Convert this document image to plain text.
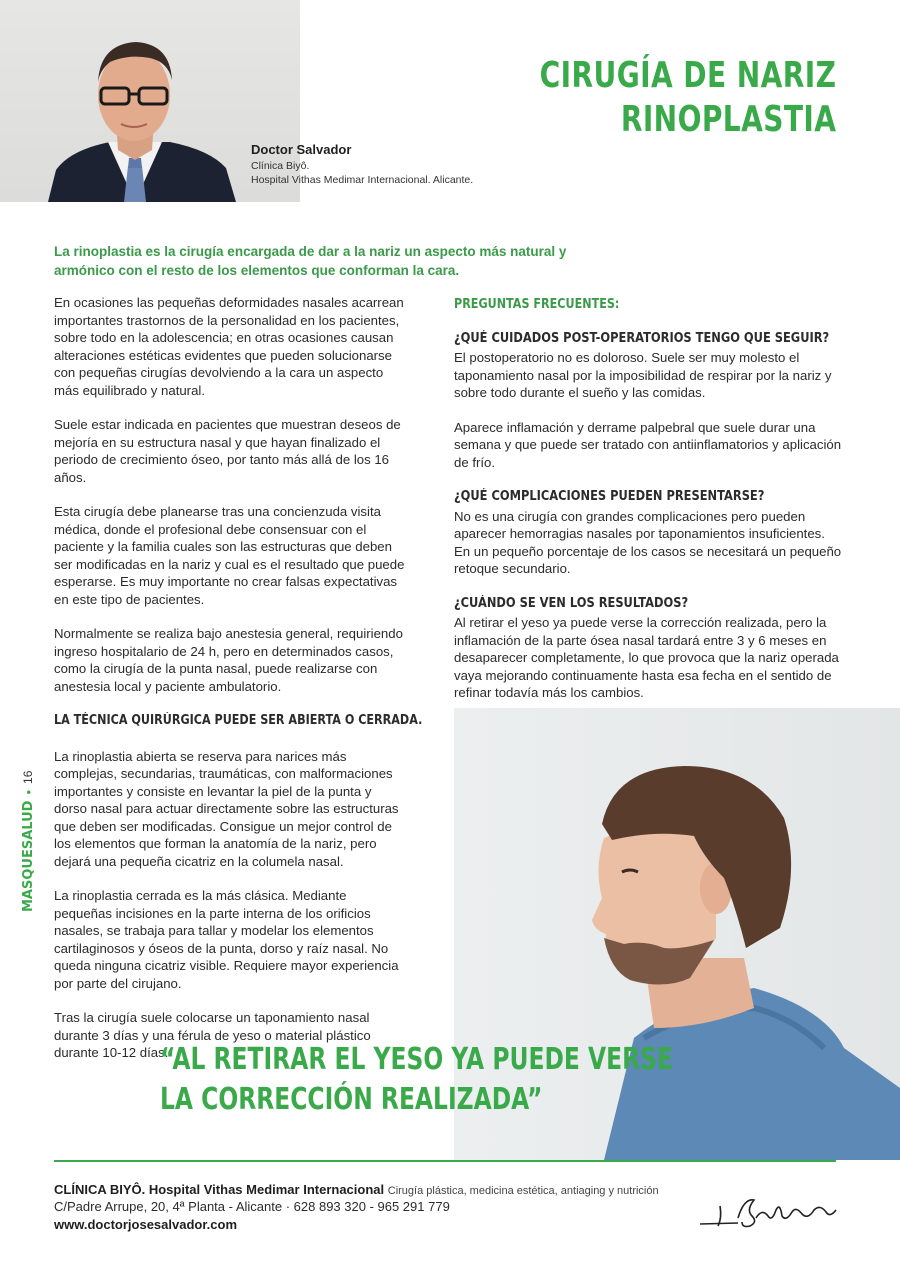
Doctor Salvador
Clínica Biyô.
Hospital Vithas Medimar Internacional. Alicante.
CIRUGÍA DE NARIZ
RINOPLASTIA
La rinoplastia es la cirugía encargada de dar a la nariz un aspecto más natural y armónico con el resto de los elementos que conforman la cara.

En ocasiones las pequeñas deformidades nasales acarrean importantes trastornos de la personalidad en los pacientes, sobre todo en la adolescencia; en otras ocasiones causan alteraciones estéticas evidentes que pueden solucionarse con pequeñas cirugías devolviendo a la cara un aspecto más equilibrado y natural.

Suele estar indicada en pacientes que muestran deseos de mejoría en su estructura nasal y que hayan finalizado el periodo de crecimiento óseo, por tanto más allá de los 16 años.

Esta cirugía debe planearse tras una concienzuda visita médica, donde el profesional debe consensuar con el paciente y la familia cuales son las estructuras que deben ser modificadas en la nariz y cual es el resultado que puede esperarse. Es muy importante no crear falsas expectativas en este tipo de pacientes.

Normalmente se realiza bajo anestesia general, requiriendo ingreso hospitalario de 24 h, pero en determinados casos, como la cirugía de la punta nasal, puede realizarse con anestesia local y paciente ambulatorio.

LA TÉCNICA QUIRÚRGICA PUEDE SER ABIERTA O CERRADA.

La rinoplastia abierta se reserva para narices más complejas, secundarias, traumáticas, con malformaciones importantes y consiste en levantar la piel de la punta y dorso nasal para actuar directamente sobre las estructuras que deben ser modificadas. Consigue un mejor control de los elementos que forman la anatomía de la nariz, pero dejará una pequeña cicatriz en la columela nasal.

La rinoplastia cerrada es la más clásica. Mediante pequeñas incisiones en la parte interna de los orificios nasales, se trabaja para tallar y modelar los elementos cartilaginosos y óseos de la punta, dorso y raíz nasal. No queda ninguna cicatriz visible. Requiere mayor experiencia por parte del cirujano.

Tras la cirugía suele colocarse un taponamiento nasal durante 3 días y una férula de yeso o material plástico durante 10-12 días.

PREGUNTAS FRECUENTES:
¿QUÉ CUIDADOS POST-OPERATORIOS TENGO QUE SEGUIR?

El postoperatorio no es doloroso. Suele ser muy molesto el taponamiento nasal por la imposibilidad de respirar por la nariz y sobre todo durante el sueño y las comidas.

Aparece inflamación y derrame palpebral que suele durar una semana y que puede ser tratado con antiinflamatorios y aplicación de frío.

¿QUÉ COMPLICACIONES PUEDEN PRESENTARSE?

No es una cirugía con grandes complicaciones pero pueden aparecer hemorragias nasales por taponamientos insuficientes. En un pequeño porcentaje de los casos se necesitará un pequeño retoque secundario.

¿CUÁNDO SE VEN LOS RESULTADOS?

Al retirar el yeso ya puede verse la corrección realizada, pero la inflamación de la parte ósea nasal tardará entre 3 y 6 meses en desaparecer completamente, lo que provoca que la nariz operada vaya mejorando continuamente hasta esa fecha en el sentido de refinar todavía más los cambios.

“AL RETIRAR EL YESO YA PUEDE VERSE
LA CORRECCIÓN REALIZADA”
CLÍNICA BIYÔ. Hospital Vithas Medimar Internacional Cirugía plástica, medicina estética, antiaging y nutrición
C/Padre Arrupe, 20, 4ª Planta - Alicante · 628 893 320 - 965 291 779
www.doctorjosesalvador.com
MASQUESALUD
•
16
